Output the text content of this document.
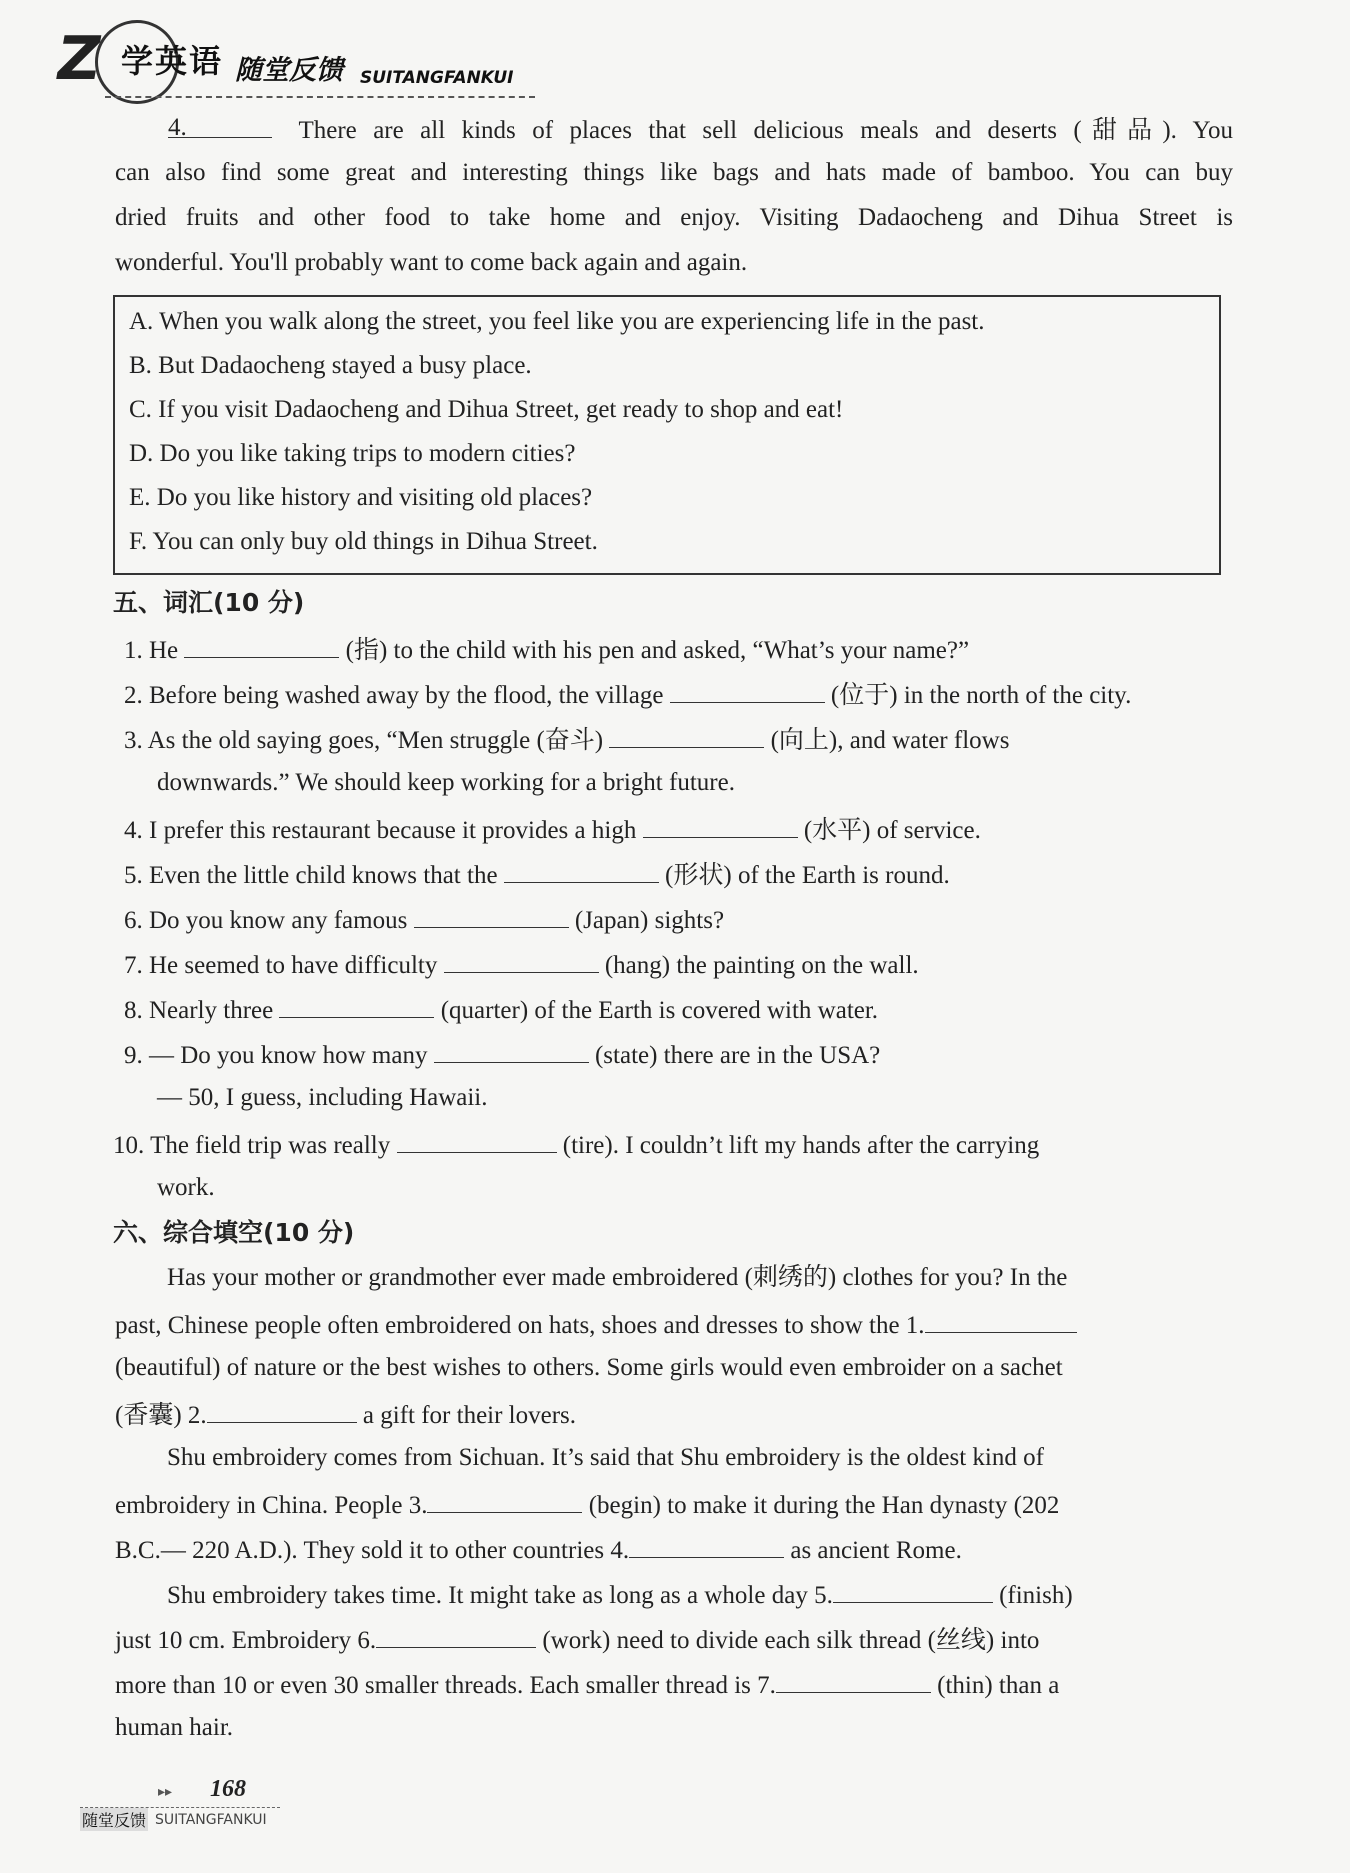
Z 学英语 随堂反馈 SUITANGFANKUI
4.	There are all kinds of places that sell delicious meals and deserts (甜品). You
can also find some great and interesting things like bags and hats made of bamboo. You can buy
dried fruits and other food to take home and enjoy. Visiting Dadaocheng and Dihua Street is
wonderful. You'll probably want to come back again and again.
A. When you walk along the street, you feel like you are experiencing life in the past.
B. But Dadaocheng stayed a busy place.
C. If you visit Dadaocheng and Dihua Street, get ready to shop and eat!
D. Do you like taking trips to modern cities?
E. Do you like history and visiting old places?
F. You can only buy old things in Dihua Street.
五、词汇(10 分)
1. He	(指) to the child with his pen and asked, “What’s your name?”
2. Before being washed away by the flood, the village	(位于) in the north of the city.
3. As the old saying goes, “Men struggle (奋斗)	(向上), and water flows
downwards.” We should keep working for a bright future.
4. I prefer this restaurant because it provides a high	(水平) of service.
5. Even the little child knows that the	(形状) of the Earth is round.
6. Do you know any famous	(Japan) sights?
7. He seemed to have difficulty	(hang) the painting on the wall.
8. Nearly three	(quarter) of the Earth is covered with water.
9. — Do you know how many	(state) there are in the USA?
— 50, I guess, including Hawaii.
10. The field trip was really	(tire). I couldn’t lift my hands after the carrying
work.
六、综合填空(10 分)
Has your mother or grandmother ever made embroidered (刺绣的) clothes for you? In the
past, Chinese people often embroidered on hats, shoes and dresses to show the 1.
(beautiful) of nature or the best wishes to others. Some girls would even embroider on a sachet
(香囊) 2.	a gift for their lovers.
Shu embroidery comes from Sichuan. It’s said that Shu embroidery is the oldest kind of
embroidery in China. People 3.	(begin) to make it during the Han dynasty (202
B.C.— 220 A.D.). They sold it to other countries 4.	as ancient Rome.
Shu embroidery takes time. It might take as long as a whole day 5.	(finish)
just 10 cm. Embroidery 6.	(work) need to divide each silk thread (丝线) into
more than 10 or even 30 smaller threads. Each smaller thread is 7.	(thin) than a
human hair.
▸▸ 168
随堂反馈 SUITANGFANKUI
